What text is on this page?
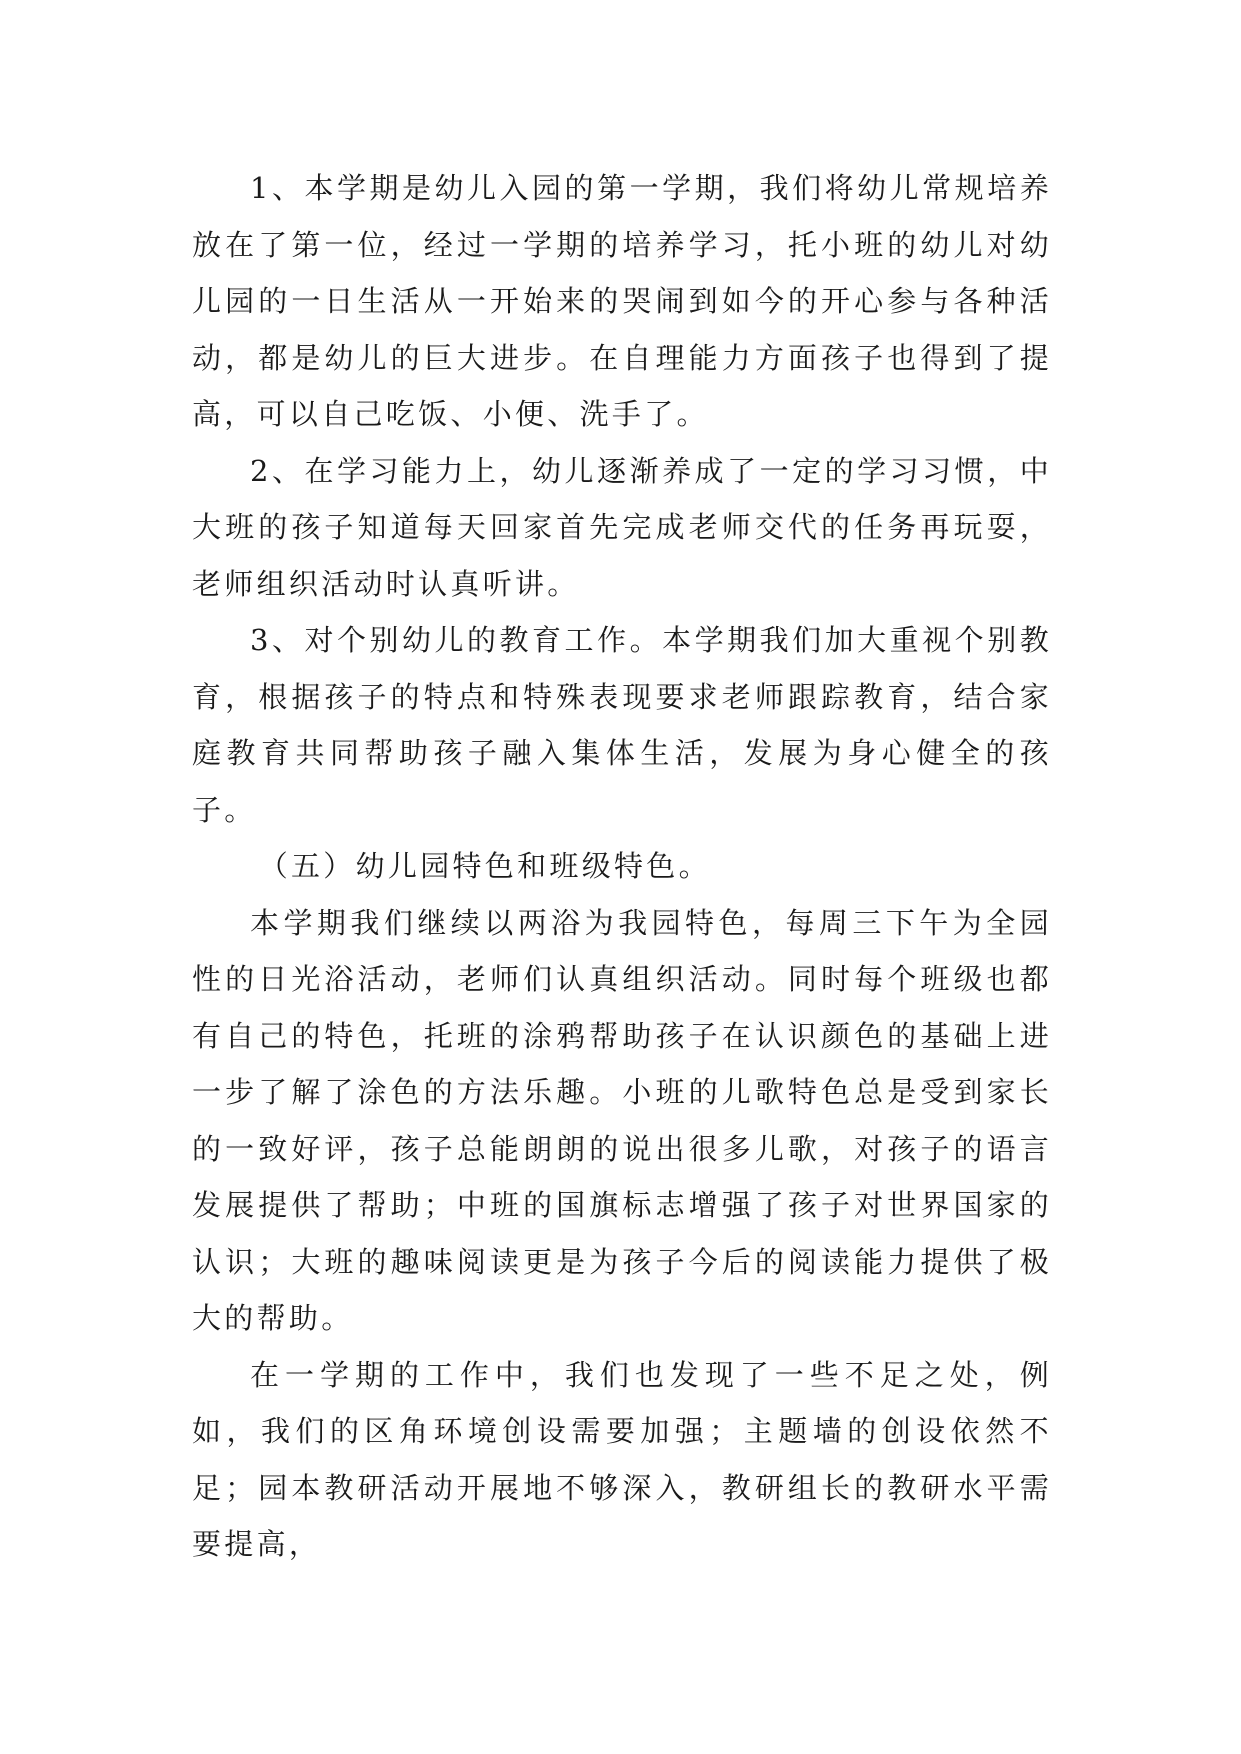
1、本学期是幼儿入园的第一学期，我们将幼儿常规培养放在了第一位，经过一学期的培养学习，托小班的幼儿对幼儿园的一日生活从一开始来的哭闹到如今的开心参与各种活动，都是幼儿的巨大进步。在自理能力方面孩子也得到了提高，可以自己吃饭、小便、洗手了。

2、在学习能力上，幼儿逐渐养成了一定的学习习惯，中大班的孩子知道每天回家首先完成老师交代的任务再玩耍，老师组织活动时认真听讲。

3、对个别幼儿的教育工作。本学期我们加大重视个别教育，根据孩子的特点和特殊表现要求老师跟踪教育，结合家庭教育共同帮助孩子融入集体生活，发展为身心健全的孩子。

（五）幼儿园特色和班级特色。

本学期我们继续以两浴为我园特色，每周三下午为全园性的日光浴活动，老师们认真组织活动。同时每个班级也都有自己的特色，托班的涂鸦帮助孩子在认识颜色的基础上进一步了解了涂色的方法乐趣。小班的儿歌特色总是受到家长的一致好评，孩子总能朗朗的说出很多儿歌，对孩子的语言发展提供了帮助；中班的国旗标志增强了孩子对世界国家的认识；大班的趣味阅读更是为孩子今后的阅读能力提供了极大的帮助。

在一学期的工作中，我们也发现了一些不足之处，例如，我们的区角环境创设需要加强；主题墙的创设依然不足；园本教研活动开展地不够深入，教研组长的教研水平需要提高，
